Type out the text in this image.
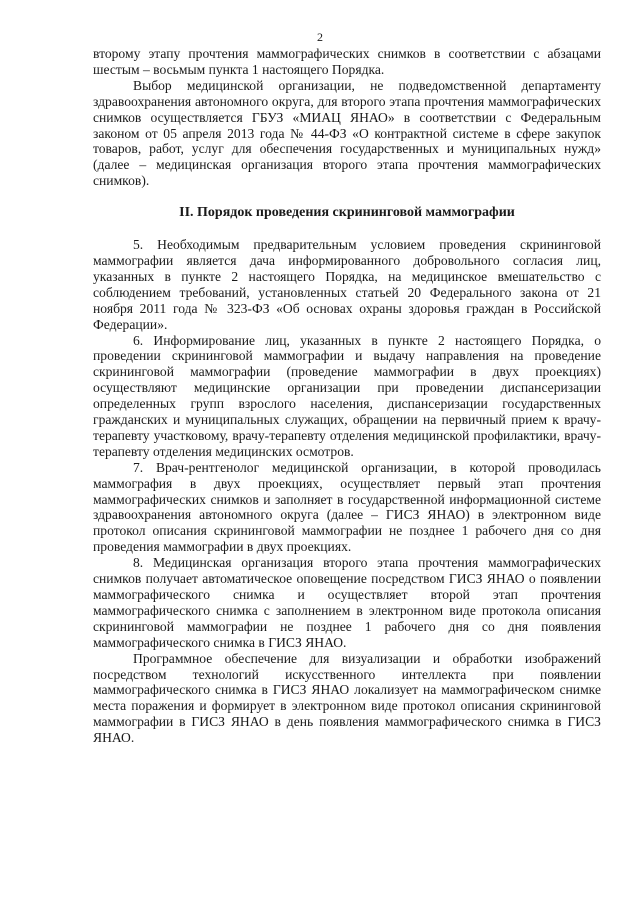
2

второму этапу прочтения маммографических снимков в соответствии с абзацами шестым – восьмым пункта 1 настоящего Порядка.

Выбор медицинской организации, не подведомственной департаменту здравоохранения автономного округа, для второго этапа прочтения маммографических снимков осуществляется ГБУЗ «МИАЦ ЯНАО» в соответствии с Федеральным законом от 05 апреля 2013 года № 44-ФЗ «О контрактной системе в сфере закупок товаров, работ, услуг для обеспечения государственных и муниципальных нужд» (далее – медицинская организация второго этапа прочтения маммографических снимков).

II. Порядок проведения скрининговой маммографии

5. Необходимым предварительным условием проведения скрининговой маммографии является дача информированного добровольного согласия лиц, указанных в пункте 2 настоящего Порядка, на медицинское вмешательство с соблюдением требований, установленных статьей 20 Федерального закона от 21 ноября 2011 года № 323-ФЗ «Об основах охраны здоровья граждан в Российской Федерации».

6. Информирование лиц, указанных в пункте 2 настоящего Порядка, о проведении скрининговой маммографии и выдачу направления на проведение скрининговой маммографии (проведение маммографии в двух проекциях) осуществляют медицинские организации при проведении диспансеризации определенных групп взрослого населения, диспансеризации государственных гражданских и муниципальных служащих, обращении на первичный прием к врачу-терапевту участковому, врачу-терапевту отделения медицинской профилактики, врачу-терапевту отделения медицинских осмотров.

7. Врач-рентгенолог медицинской организации, в которой проводилась маммография в двух проекциях, осуществляет первый этап прочтения маммографических снимков и заполняет в государственной информационной системе здравоохранения автономного округа (далее – ГИСЗ ЯНАО) в электронном виде протокол описания скрининговой маммографии не позднее 1 рабочего дня со дня проведения маммографии в двух проекциях.

8. Медицинская организация второго этапа прочтения маммографических снимков получает автоматическое оповещение посредством ГИСЗ ЯНАО о появлении маммографического снимка и осуществляет второй этап прочтения маммографического снимка с заполнением в электронном виде протокола описания скрининговой маммографии не позднее 1 рабочего дня со дня появления маммографического снимка в ГИСЗ ЯНАО.

Программное обеспечение для визуализации и обработки изображений посредством технологий искусственного интеллекта при появлении маммографического снимка в ГИСЗ ЯНАО локализует на маммографическом снимке места поражения и формирует в электронном виде протокол описания скрининговой маммографии в ГИСЗ ЯНАО в день появления маммографического снимка в ГИСЗ ЯНАО.
